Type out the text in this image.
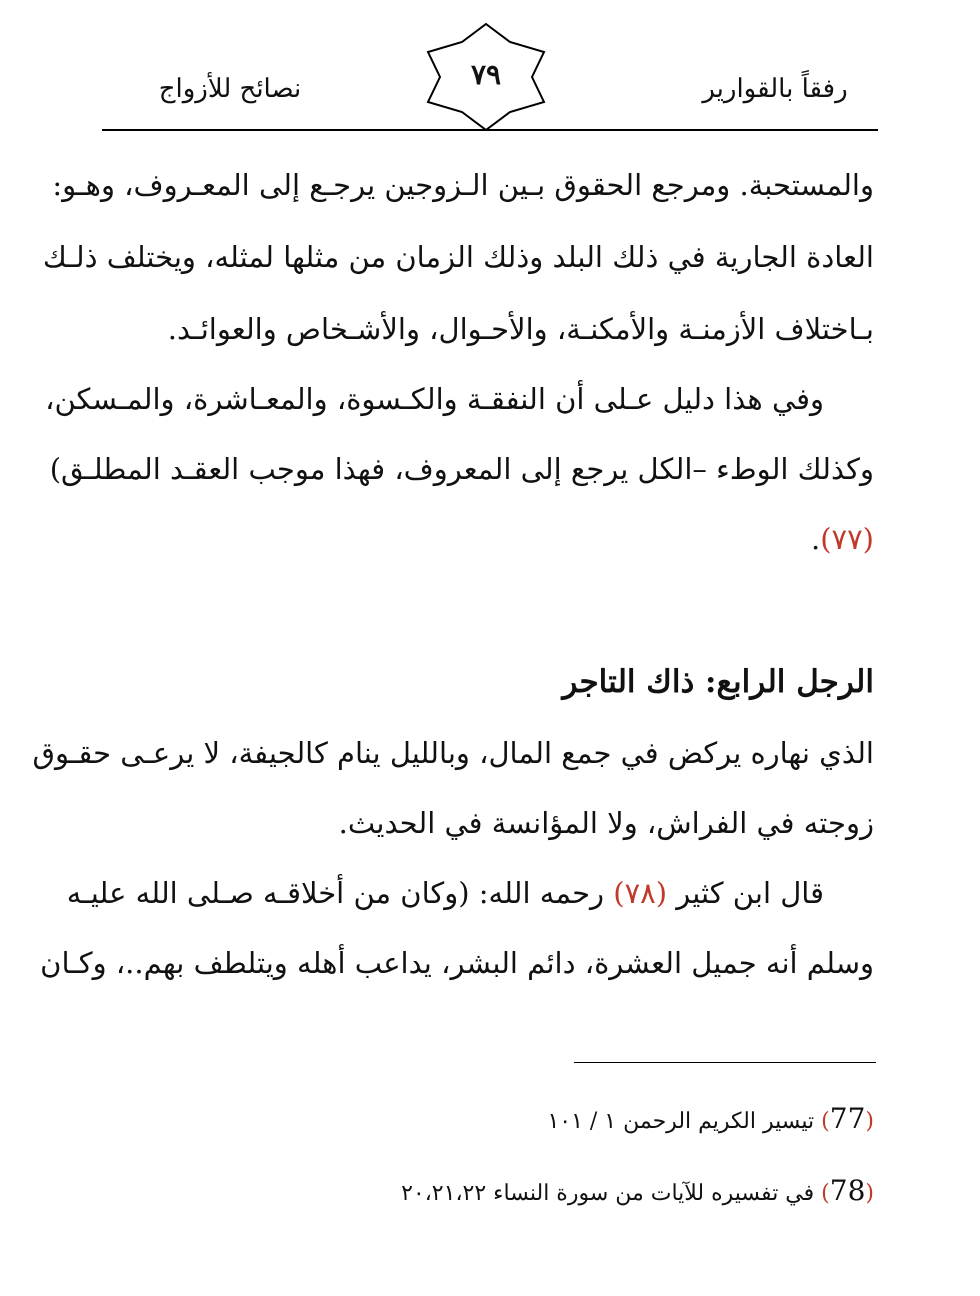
نصائح للأزواج	٧٩	رفقاً بالقوارير
والمستحبة. ومرجع الحقوق بـين الـزوجين يرجـع إلى المعـروف، وهـو:
العادة الجارية في ذلك البلد وذلك الزمان من مثلها لمثله، ويختلف ذلـك
بـاختلاف الأزمنـة والأمكنـة، والأحـوال، والأشـخاص والعوائـد.
وفي هذا دليل عـلى أن النفقـة والكـسوة، والمعـاشرة، والمـسكن،
وكذلك الوطء –الكل يرجع إلى المعروف، فهذا موجب العقـد المطلـق)
(٧٧).
الرجل الرابع: ذاك التاجر
الذي نهاره يركض في جمع المال، وبالليل ينام كالجيفة، لا يرعـى حقـوق
زوجته في الفراش، ولا المؤانسة في الحديث.
قال ابن كثير (٧٨) رحمه الله: (وكان من أخلاقـه صـلى الله عليـه
وسلم أنه جميل العشرة، دائم البشر، يداعب أهله ويتلطف بهم..، وكـان
(77) تيسير الكريم الرحمن ١ / ١٠١
(78) في تفسيره للآيات من سورة النساء ٢٠،٢١،٢٢
